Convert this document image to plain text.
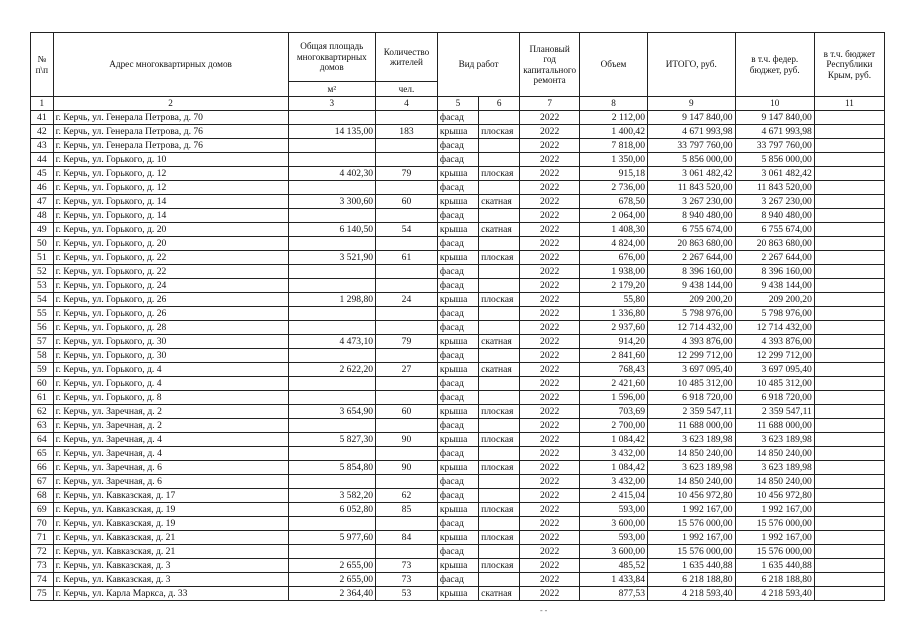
№ п\п	Адрес многоквартирных домов	Общая площадь многоквартирных домов	Количество жителей	Вид работ		Плановый год капитального ремонта	Объем	ИТОГО, руб.	в т.ч. федер. бюджет, руб.	в т.ч. бюджет Республики Крым, руб.
		м²	чел.							
1	2	3	4	5	6	7	8	9	10	11
41	г. Керчь, ул. Генерала Петрова, д. 70			фасад		2022	2 112,00	9 147 840,00	9 147 840,00	
42	г. Керчь, ул. Генерала Петрова, д. 76	14 135,00	183	крыша	плоская	2022	1 400,42	4 671 993,98	4 671 993,98	
43	г. Керчь, ул. Генерала Петрова, д. 76			фасад		2022	7 818,00	33 797 760,00	33 797 760,00	
44	г. Керчь, ул. Горького, д. 10			фасад		2022	1 350,00	5 856 000,00	5 856 000,00	
45	г. Керчь, ул. Горького, д. 12	4 402,30	79	крыша	плоская	2022	915,18	3 061 482,42	3 061 482,42	
46	г. Керчь, ул. Горького, д. 12			фасад		2022	2 736,00	11 843 520,00	11 843 520,00	
47	г. Керчь, ул. Горького, д. 14	3 300,60	60	крыша	скатная	2022	678,50	3 267 230,00	3 267 230,00	
48	г. Керчь, ул. Горького, д. 14			фасад		2022	2 064,00	8 940 480,00	8 940 480,00	
49	г. Керчь, ул. Горького, д. 20	6 140,50	54	крыша	скатная	2022	1 408,30	6 755 674,00	6 755 674,00	
50	г. Керчь, ул. Горького, д. 20			фасад		2022	4 824,00	20 863 680,00	20 863 680,00	
51	г. Керчь, ул. Горького, д. 22	3 521,90	61	крыша	плоская	2022	676,00	2 267 644,00	2 267 644,00	
52	г. Керчь, ул. Горького, д. 22			фасад		2022	1 938,00	8 396 160,00	8 396 160,00	
53	г. Керчь, ул. Горького, д. 24			фасад		2022	2 179,20	9 438 144,00	9 438 144,00	
54	г. Керчь, ул. Горького, д. 26	1 298,80	24	крыша	плоская	2022	55,80	209 200,20	209 200,20	
55	г. Керчь, ул. Горького, д. 26			фасад		2022	1 336,80	5 798 976,00	5 798 976,00	
56	г. Керчь, ул. Горького, д. 28			фасад		2022	2 937,60	12 714 432,00	12 714 432,00	
57	г. Керчь, ул. Горького, д. 30	4 473,10	79	крыша	скатная	2022	914,20	4 393 876,00	4 393 876,00	
58	г. Керчь, ул. Горького, д. 30			фасад		2022	2 841,60	12 299 712,00	12 299 712,00	
59	г. Керчь, ул. Горького, д. 4	2 622,20	27	крыша	скатная	2022	768,43	3 697 095,40	3 697 095,40	
60	г. Керчь, ул. Горького, д. 4			фасад		2022	2 421,60	10 485 312,00	10 485 312,00	
61	г. Керчь, ул. Горького, д. 8			фасад		2022	1 596,00	6 918 720,00	6 918 720,00	
62	г. Керчь, ул. Заречная, д. 2	3 654,90	60	крыша	плоская	2022	703,69	2 359 547,11	2 359 547,11	
63	г. Керчь, ул. Заречная, д. 2			фасад		2022	2 700,00	11 688 000,00	11 688 000,00	
64	г. Керчь, ул. Заречная, д. 4	5 827,30	90	крыша	плоская	2022	1 084,42	3 623 189,98	3 623 189,98	
65	г. Керчь, ул. Заречная, д. 4			фасад		2022	3 432,00	14 850 240,00	14 850 240,00	
66	г. Керчь, ул. Заречная, д. 6	5 854,80	90	крыша	плоская	2022	1 084,42	3 623 189,98	3 623 189,98	
67	г. Керчь, ул. Заречная, д. 6			фасад		2022	3 432,00	14 850 240,00	14 850 240,00	
68	г. Керчь, ул. Кавказская, д. 17	3 582,20	62	фасад		2022	2 415,04	10 456 972,80	10 456 972,80	
69	г. Керчь, ул. Кавказская, д. 19	6 052,80	85	крыша	плоская	2022	593,00	1 992 167,00	1 992 167,00	
70	г. Керчь, ул. Кавказская, д. 19			фасад		2022	3 600,00	15 576 000,00	15 576 000,00	
71	г. Керчь, ул. Кавказская, д. 21	5 977,60	84	крыша	плоская	2022	593,00	1 992 167,00	1 992 167,00	
72	г. Керчь, ул. Кавказская, д. 21			фасад		2022	3 600,00	15 576 000,00	15 576 000,00	
73	г. Керчь, ул. Кавказская, д. 3	2 655,00	73	крыша	плоская	2022	485,52	1 635 440,88	1 635 440,88	
74	г. Керчь, ул. Кавказская, д. 3	2 655,00	73	фасад		2022	1 433,84	6 218 188,80	6 218 188,80	
75	г. Керчь, ул. Карла Маркса, д. 33	2 364,40	53	крыша	скатная	2022	877,53	4 218 593,40	4 218 593,40	
- -
